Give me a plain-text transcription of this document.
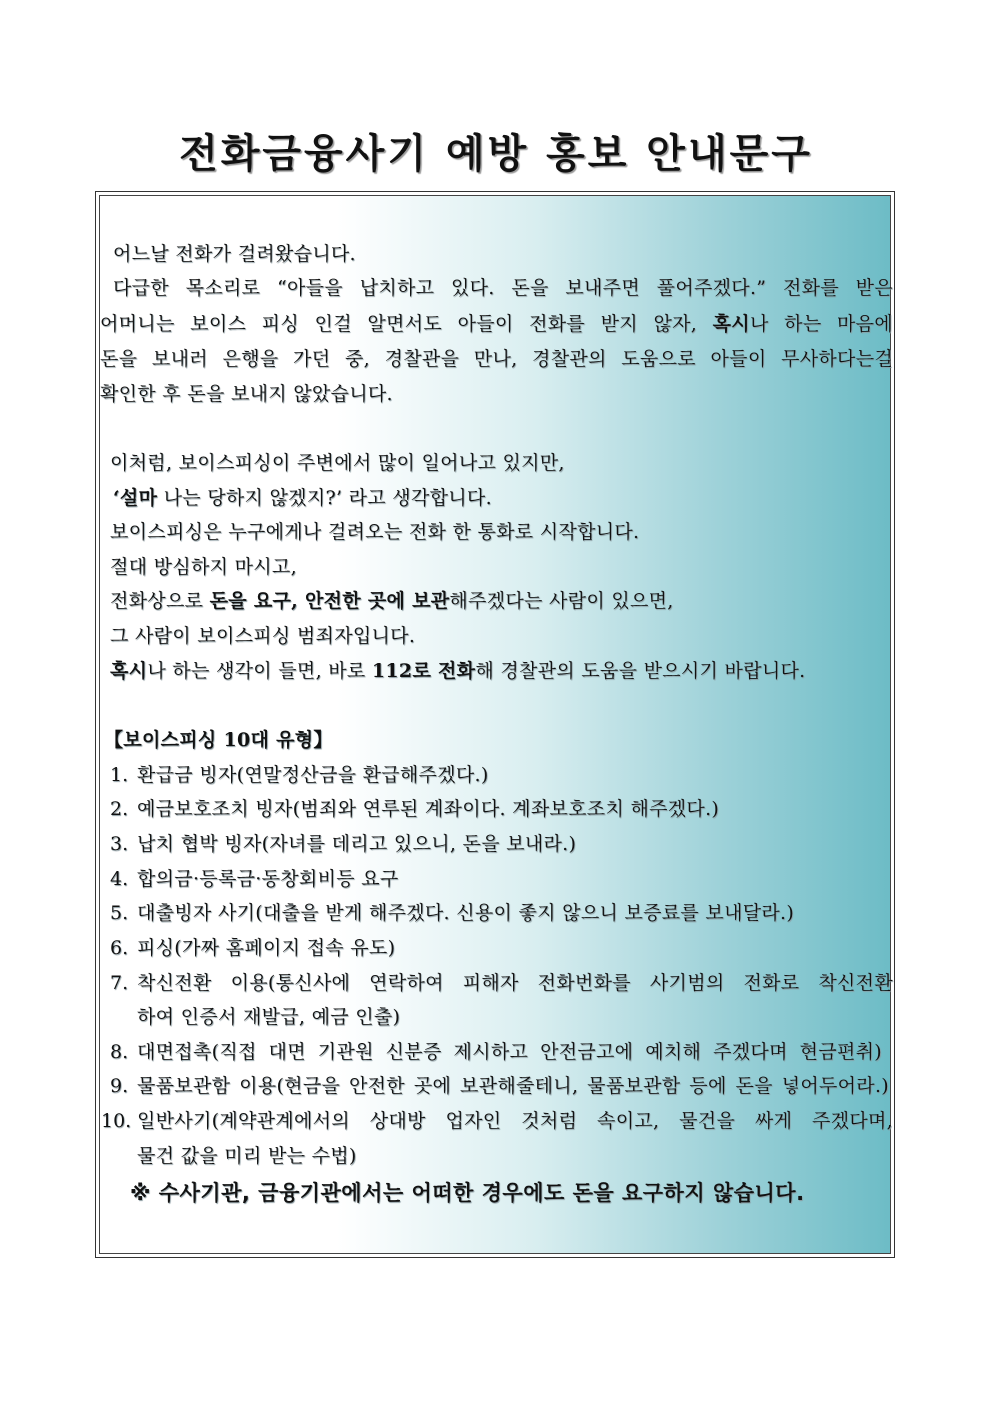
전화금융사기 예방 홍보 안내문구
어느날 전화가 걸려왔습니다.
다급한 목소리로 “아들을 납치하고 있다. 돈을 보내주면 풀어주겠다.” 전화를 받은
어머니는 보이스 피싱 인걸 알면서도 아들이 전화를 받지 않자, 혹시나 하는 마음에
돈을 보내러 은행을 가던 중, 경찰관을 만나, 경찰관의 도움으로 아들이 무사하다는걸
확인한 후 돈을 보내지 않았습니다.
이처럼, 보이스피싱이 주변에서 많이 일어나고 있지만,
‘설마 나는 당하지 않겠지?’ 라고 생각합니다.
보이스피싱은 누구에게나 걸려오는 전화 한 통화로 시작합니다.
절대 방심하지 마시고,
전화상으로 돈을 요구, 안전한 곳에 보관해주겠다는 사람이 있으면,
그 사람이 보이스피싱 범죄자입니다.
혹시나 하는 생각이 들면, 바로 112로 전화해 경찰관의 도움을 받으시기 바랍니다.
【보이스피싱 10대 유형】
1. 환급금 빙자(연말정산금을 환급해주겠다.)
2. 예금보호조치 빙자(범죄와 연루된 계좌이다. 계좌보호조치 해주겠다.)
3. 납치 협박 빙자(자녀를 데리고 있으니, 돈을 보내라.)
4. 합의금·등록금·동창회비등 요구
5. 대출빙자 사기(대출을 받게 해주겠다. 신용이 좋지 않으니 보증료를 보내달라.)
6. 피싱(가짜 홈페이지 접속 유도)
7. 착신전환 이용(통신사에 연락하여 피해자 전화번화를 사기범의 전화로 착신전환
하여 인증서 재발급, 예금 인출)
8. 대면접촉(직접 대면 기관원 신분증 제시하고 안전금고에 예치해 주겠다며 현금편취)
9. 물품보관함 이용(현금을 안전한 곳에 보관해줄테니, 물품보관함 등에 돈을 넣어두어라.)
10. 일반사기(계약관계에서의 상대방 업자인 것처럼 속이고, 물건을 싸게 주겠다며,
물건 값을 미리 받는 수법)
※ 수사기관, 금융기관에서는 어떠한 경우에도 돈을 요구하지 않습니다.
